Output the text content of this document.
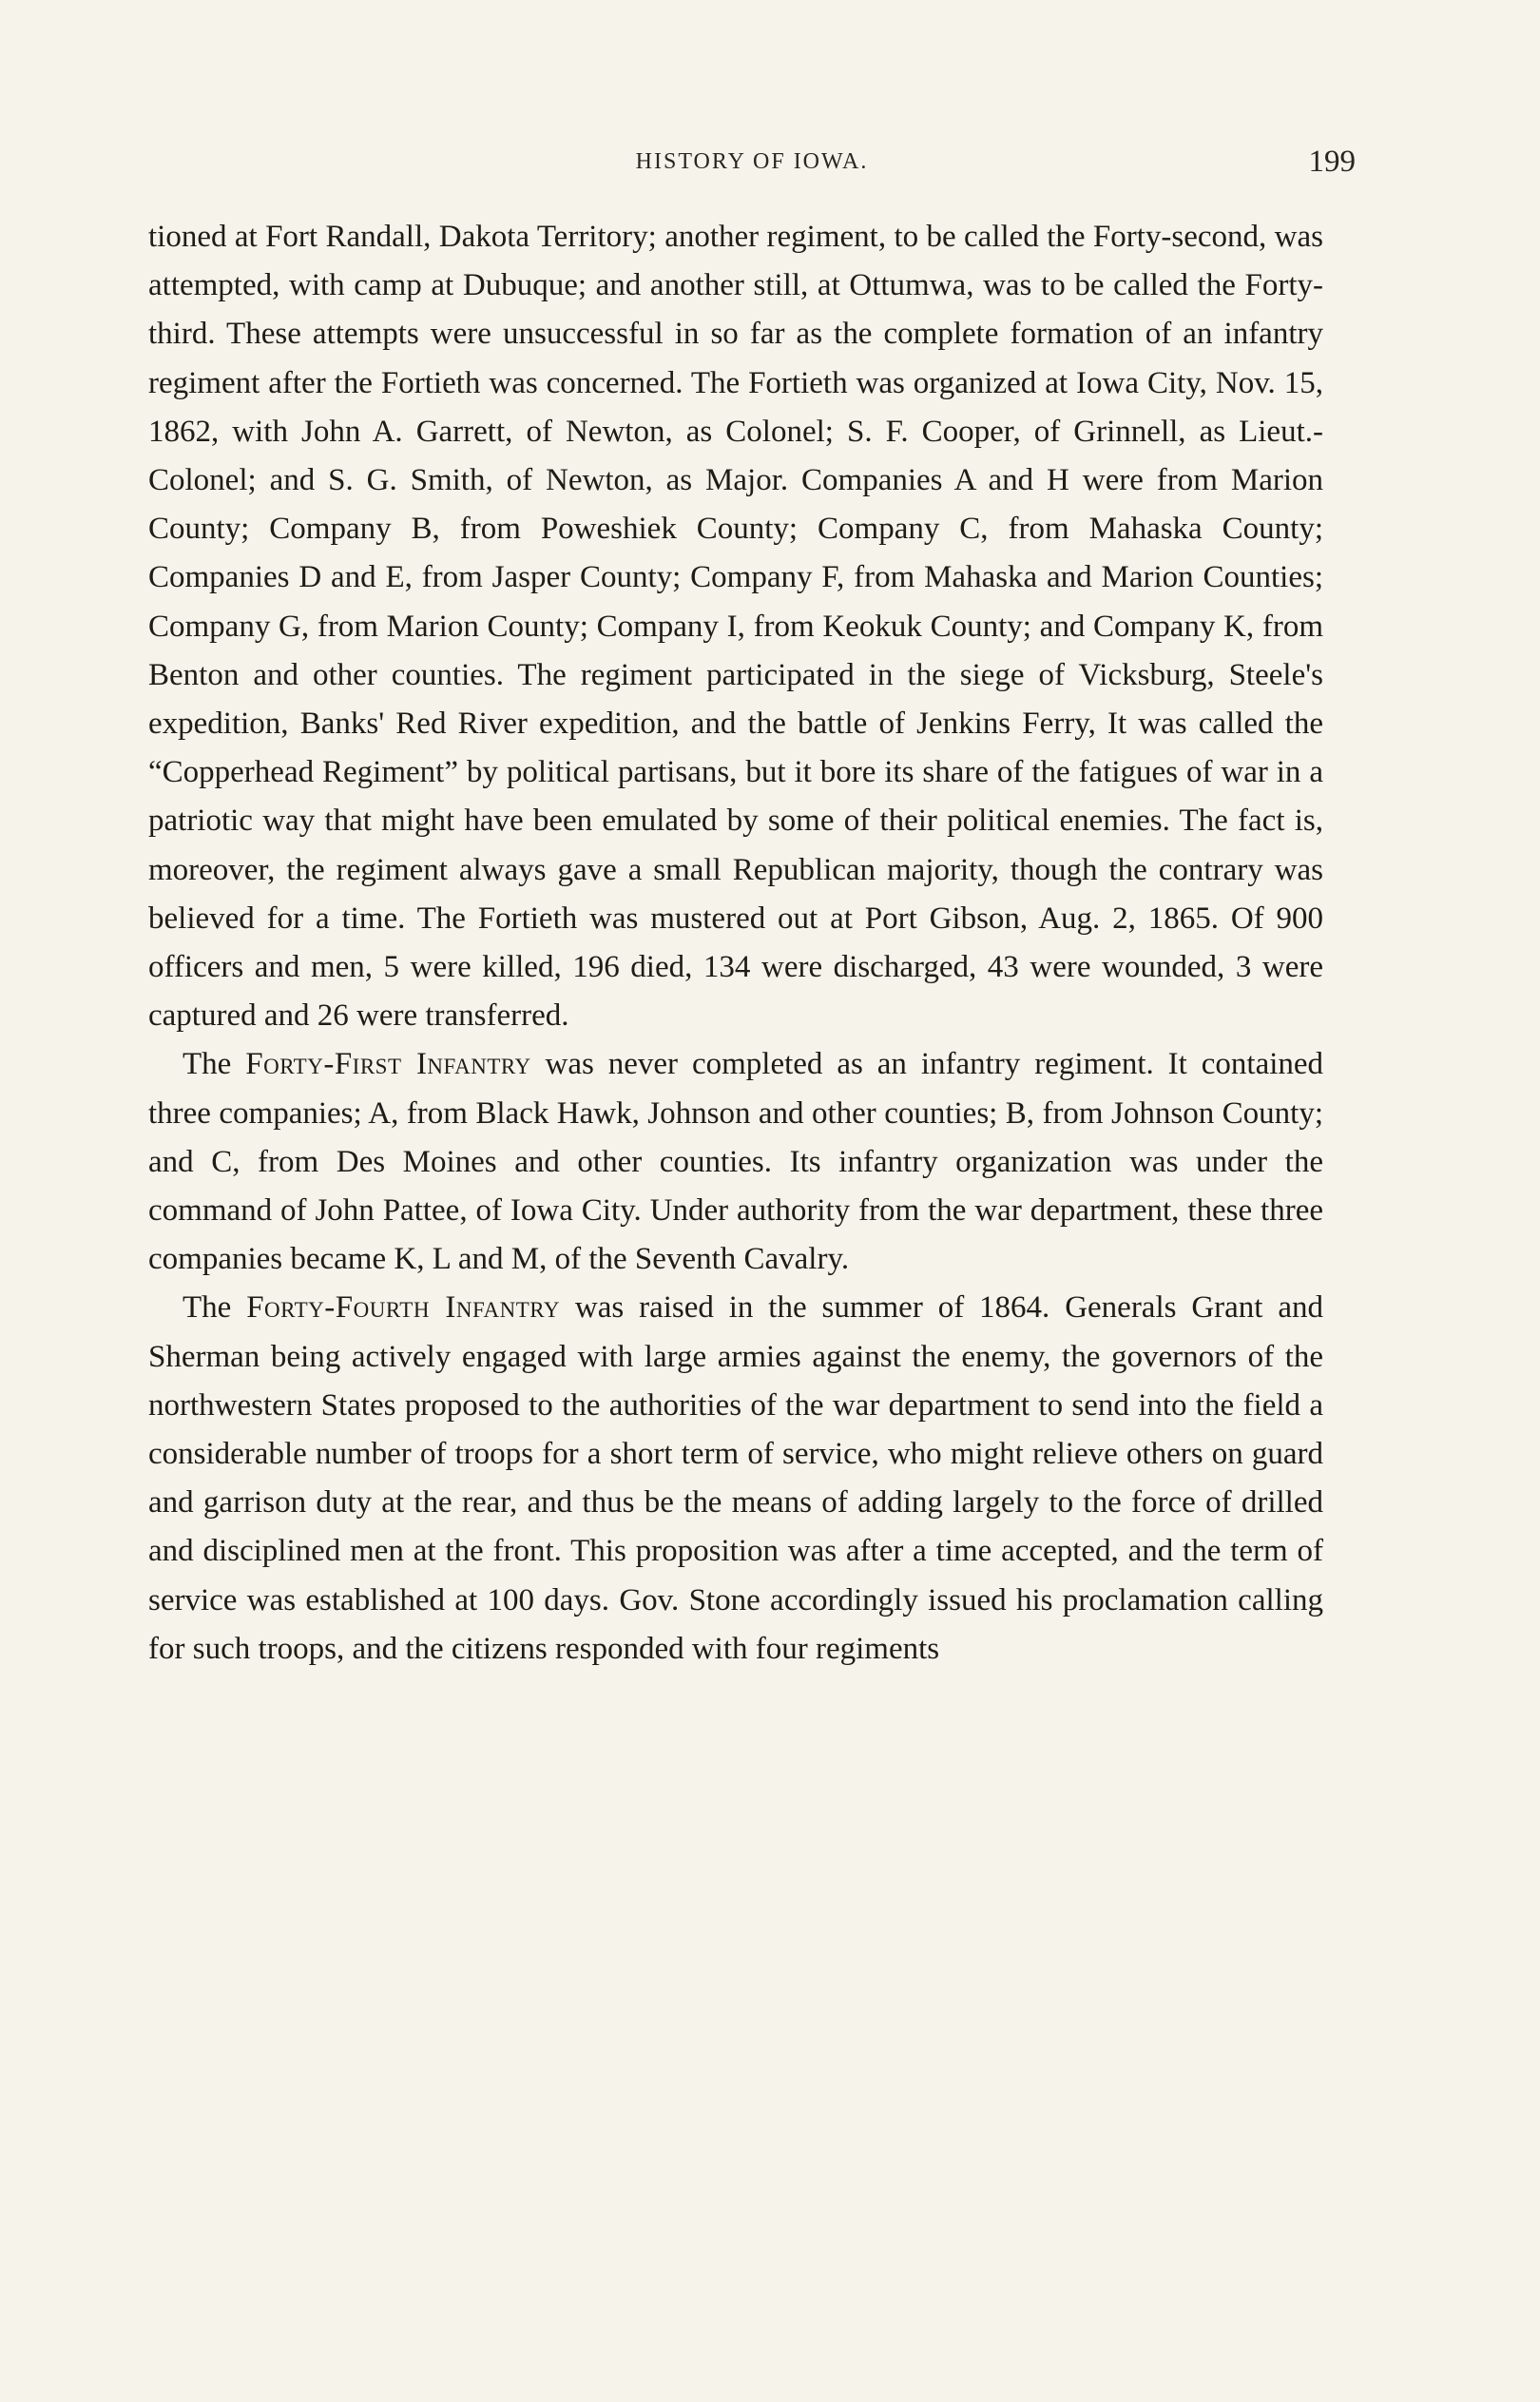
HISTORY OF IOWA.	199

tioned at Fort Randall, Dakota Territory; another regiment, to be called the Forty-second, was attempted, with camp at Dubuque; and another still, at Ottumwa, was to be called the Forty-third. These attempts were unsuccessful in so far as the complete formation of an infantry regiment after the Fortieth was concerned. The Fortieth was organized at Iowa City, Nov. 15, 1862, with John A. Garrett, of Newton, as Colonel; S. F. Cooper, of Grinnell, as Lieut.-Colonel; and S. G. Smith, of Newton, as Major. Companies A and H were from Marion County; Company B, from Poweshiek County; Company C, from Mahaska County; Companies D and E, from Jasper County; Company F, from Mahaska and Marion Counties; Company G, from Marion County; Company I, from Keokuk County; and Company K, from Benton and other counties. The regiment participated in the siege of Vicksburg, Steele's expedition, Banks' Red River expedition, and the battle of Jenkins Ferry, It was called the “Copperhead Regiment” by political partisans, but it bore its share of the fatigues of war in a patriotic way that might have been emulated by some of their political enemies. The fact is, moreover, the regiment always gave a small Republican majority, though the contrary was believed for a time. The Fortieth was mustered out at Port Gibson, Aug. 2, 1865. Of 900 officers and men, 5 were killed, 196 died, 134 were discharged, 43 were wounded, 3 were captured and 26 were transferred.

The Forty-First Infantry was never completed as an infantry regiment. It contained three companies; A, from Black Hawk, Johnson and other counties; B, from Johnson County; and C, from Des Moines and other counties. Its infantry organization was under the command of John Pattee, of Iowa City. Under authority from the war department, these three companies became K, L and M, of the Seventh Cavalry.

The Forty-Fourth Infantry was raised in the summer of 1864. Generals Grant and Sherman being actively engaged with large armies against the enemy, the governors of the northwestern States proposed to the authorities of the war department to send into the field a considerable number of troops for a short term of service, who might relieve others on guard and garrison duty at the rear, and thus be the means of adding largely to the force of drilled and disciplined men at the front. This proposition was after a time accepted, and the term of service was established at 100 days. Gov. Stone accordingly issued his proclamation calling for such troops, and the citizens responded with four regiments
